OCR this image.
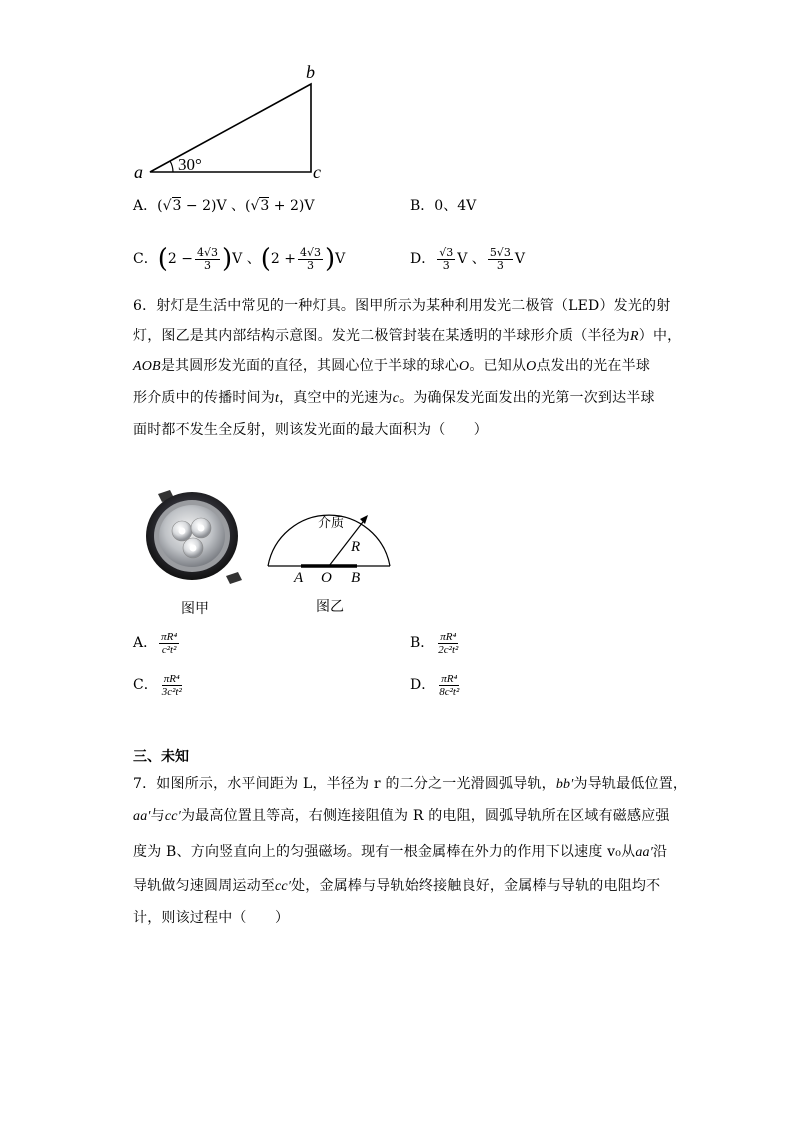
a
b
c
30°
A．(√3 − 2)V 、(√3 + 2)V	B．0、4V
C．$(2 - \frac{4√3}{3} )V$ 、$(2 + \frac{4√3}{3} )V$	D． $\frac{√3}{3}$ V 、 $\frac{5√3}{3}$ V
6．射灯是生活中常见的一种灯具。图甲所示为某种利用发光二极管（LED）发光的射
灯，图乙是其内部结构示意图。发光二极管封装在某透明的半球形介质（半径为R）中，
AOB是其圆形发光面的直径，其圆心位于半球的球心O。已知从O点发出的光在半球
形介质中的传播时间为t，真空中的光速为c。为确保发光面发出的光第一次到达半球
面时都不发生全反射，则该发光面的最大面积为（　　）
图甲
介质
R
A O B
图乙
A． $\frac{\text{πR⁴}}{\text{c²t²}}$	B． $\frac{\text{πR⁴}}{\text{2c²t²}}$
C． $\frac{\text{πR⁴}}{\text{3c²t²}}$	D． $\frac{\text{πR⁴}}{\text{8c²t²}}$
三、未知
7．如图所示，水平间距为 L，半径为 r 的二分之一光滑圆弧导轨，bb′为导轨最低位置，
aa′与cc′为最高位置且等高，右侧连接阻值为 R 的电阻，圆弧导轨所在区域有磁感应强
度为 B、方向竖直向上的匀强磁场。现有一根金属棒在外力的作用下以速度 v₀从aa′沿
导轨做匀速圆周运动至cc′处，金属棒与导轨始终接触良好，金属棒与导轨的电阻均不
计，则该过程中（　　）
